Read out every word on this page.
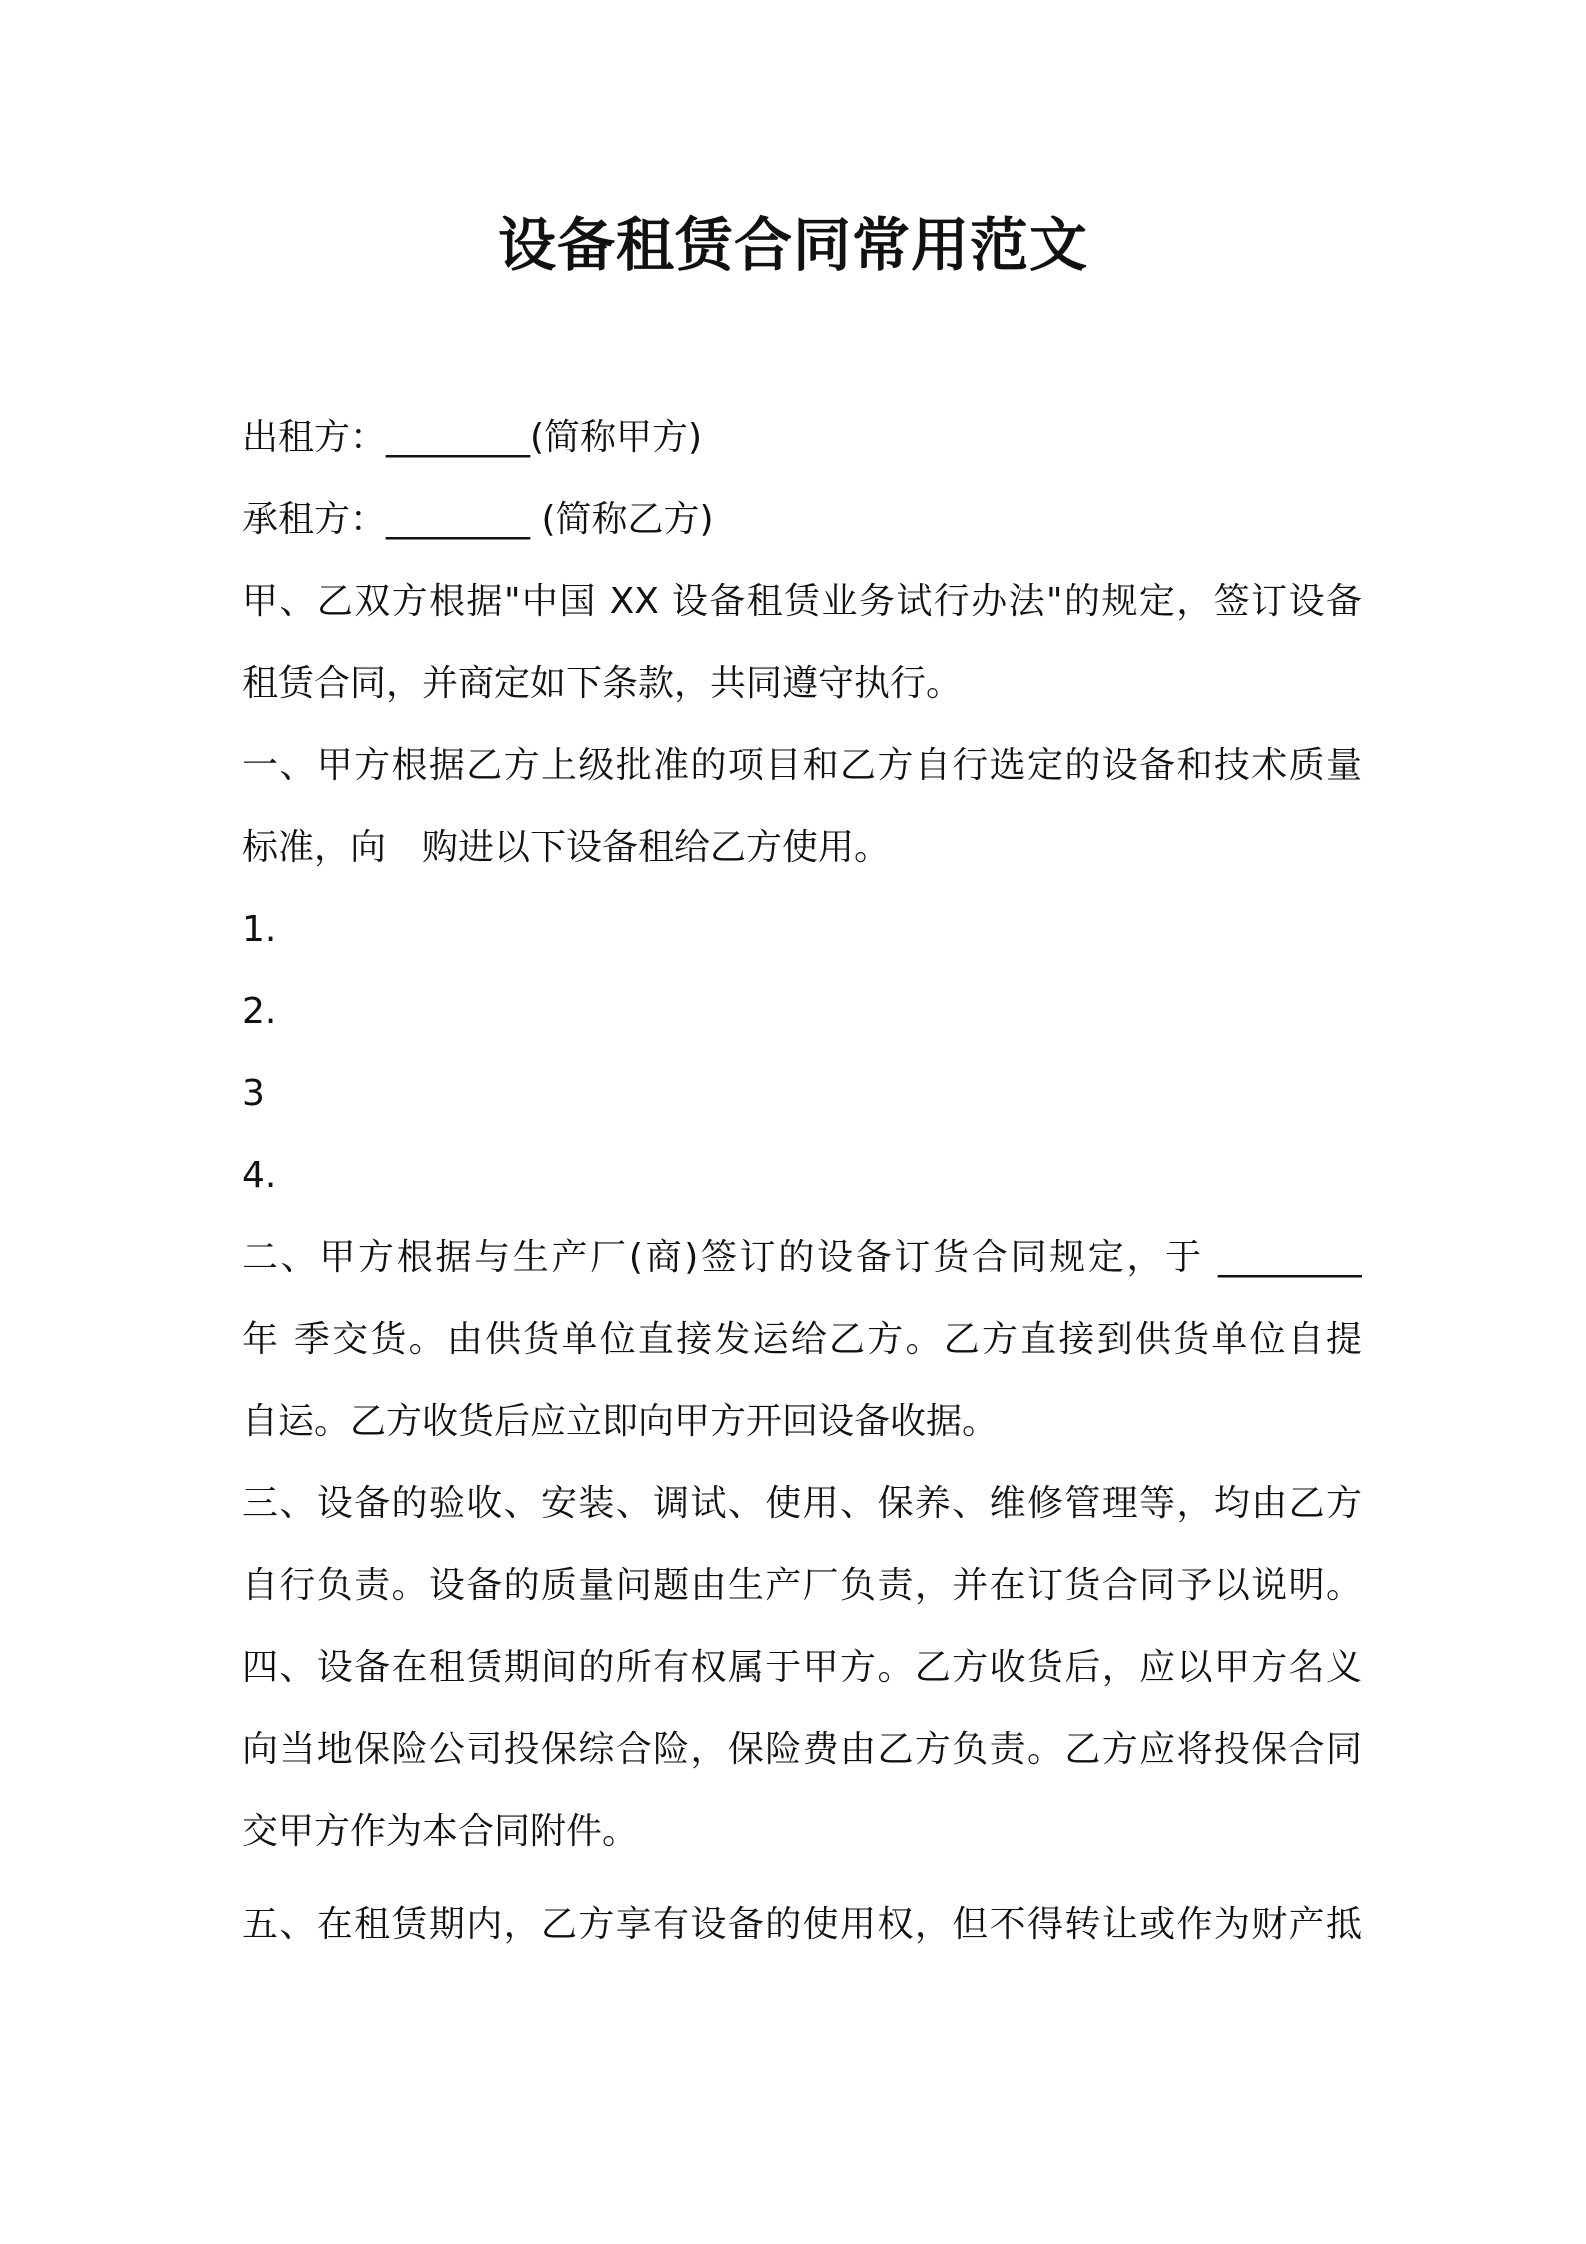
设备租赁合同常用范文
出租方：________(简称甲方)
承租方：________ (简称乙方)
甲、乙双方根据"中国 XX 设备租赁业务试行办法"的规定，签订设备
租赁合同，并商定如下条款，共同遵守执行。
一、甲方根据乙方上级批准的项目和乙方自行选定的设备和技术质量
标准，向　购进以下设备租给乙方使用。
1.
2.
3
4.
二、甲方根据与生产厂(商)签订的设备订货合同规定，于 ________
年 季交货。由供货单位直接发运给乙方。乙方直接到供货单位自提
自运。乙方收货后应立即向甲方开回设备收据。
三、设备的验收、安装、调试、使用、保养、维修管理等，均由乙方
自行负责。设备的质量问题由生产厂负责，并在订货合同予以说明。
四、设备在租赁期间的所有权属于甲方。乙方收货后，应以甲方名义
向当地保险公司投保综合险，保险费由乙方负责。乙方应将投保合同
交甲方作为本合同附件。
五、在租赁期内，乙方享有设备的使用权，但不得转让或作为财产抵
